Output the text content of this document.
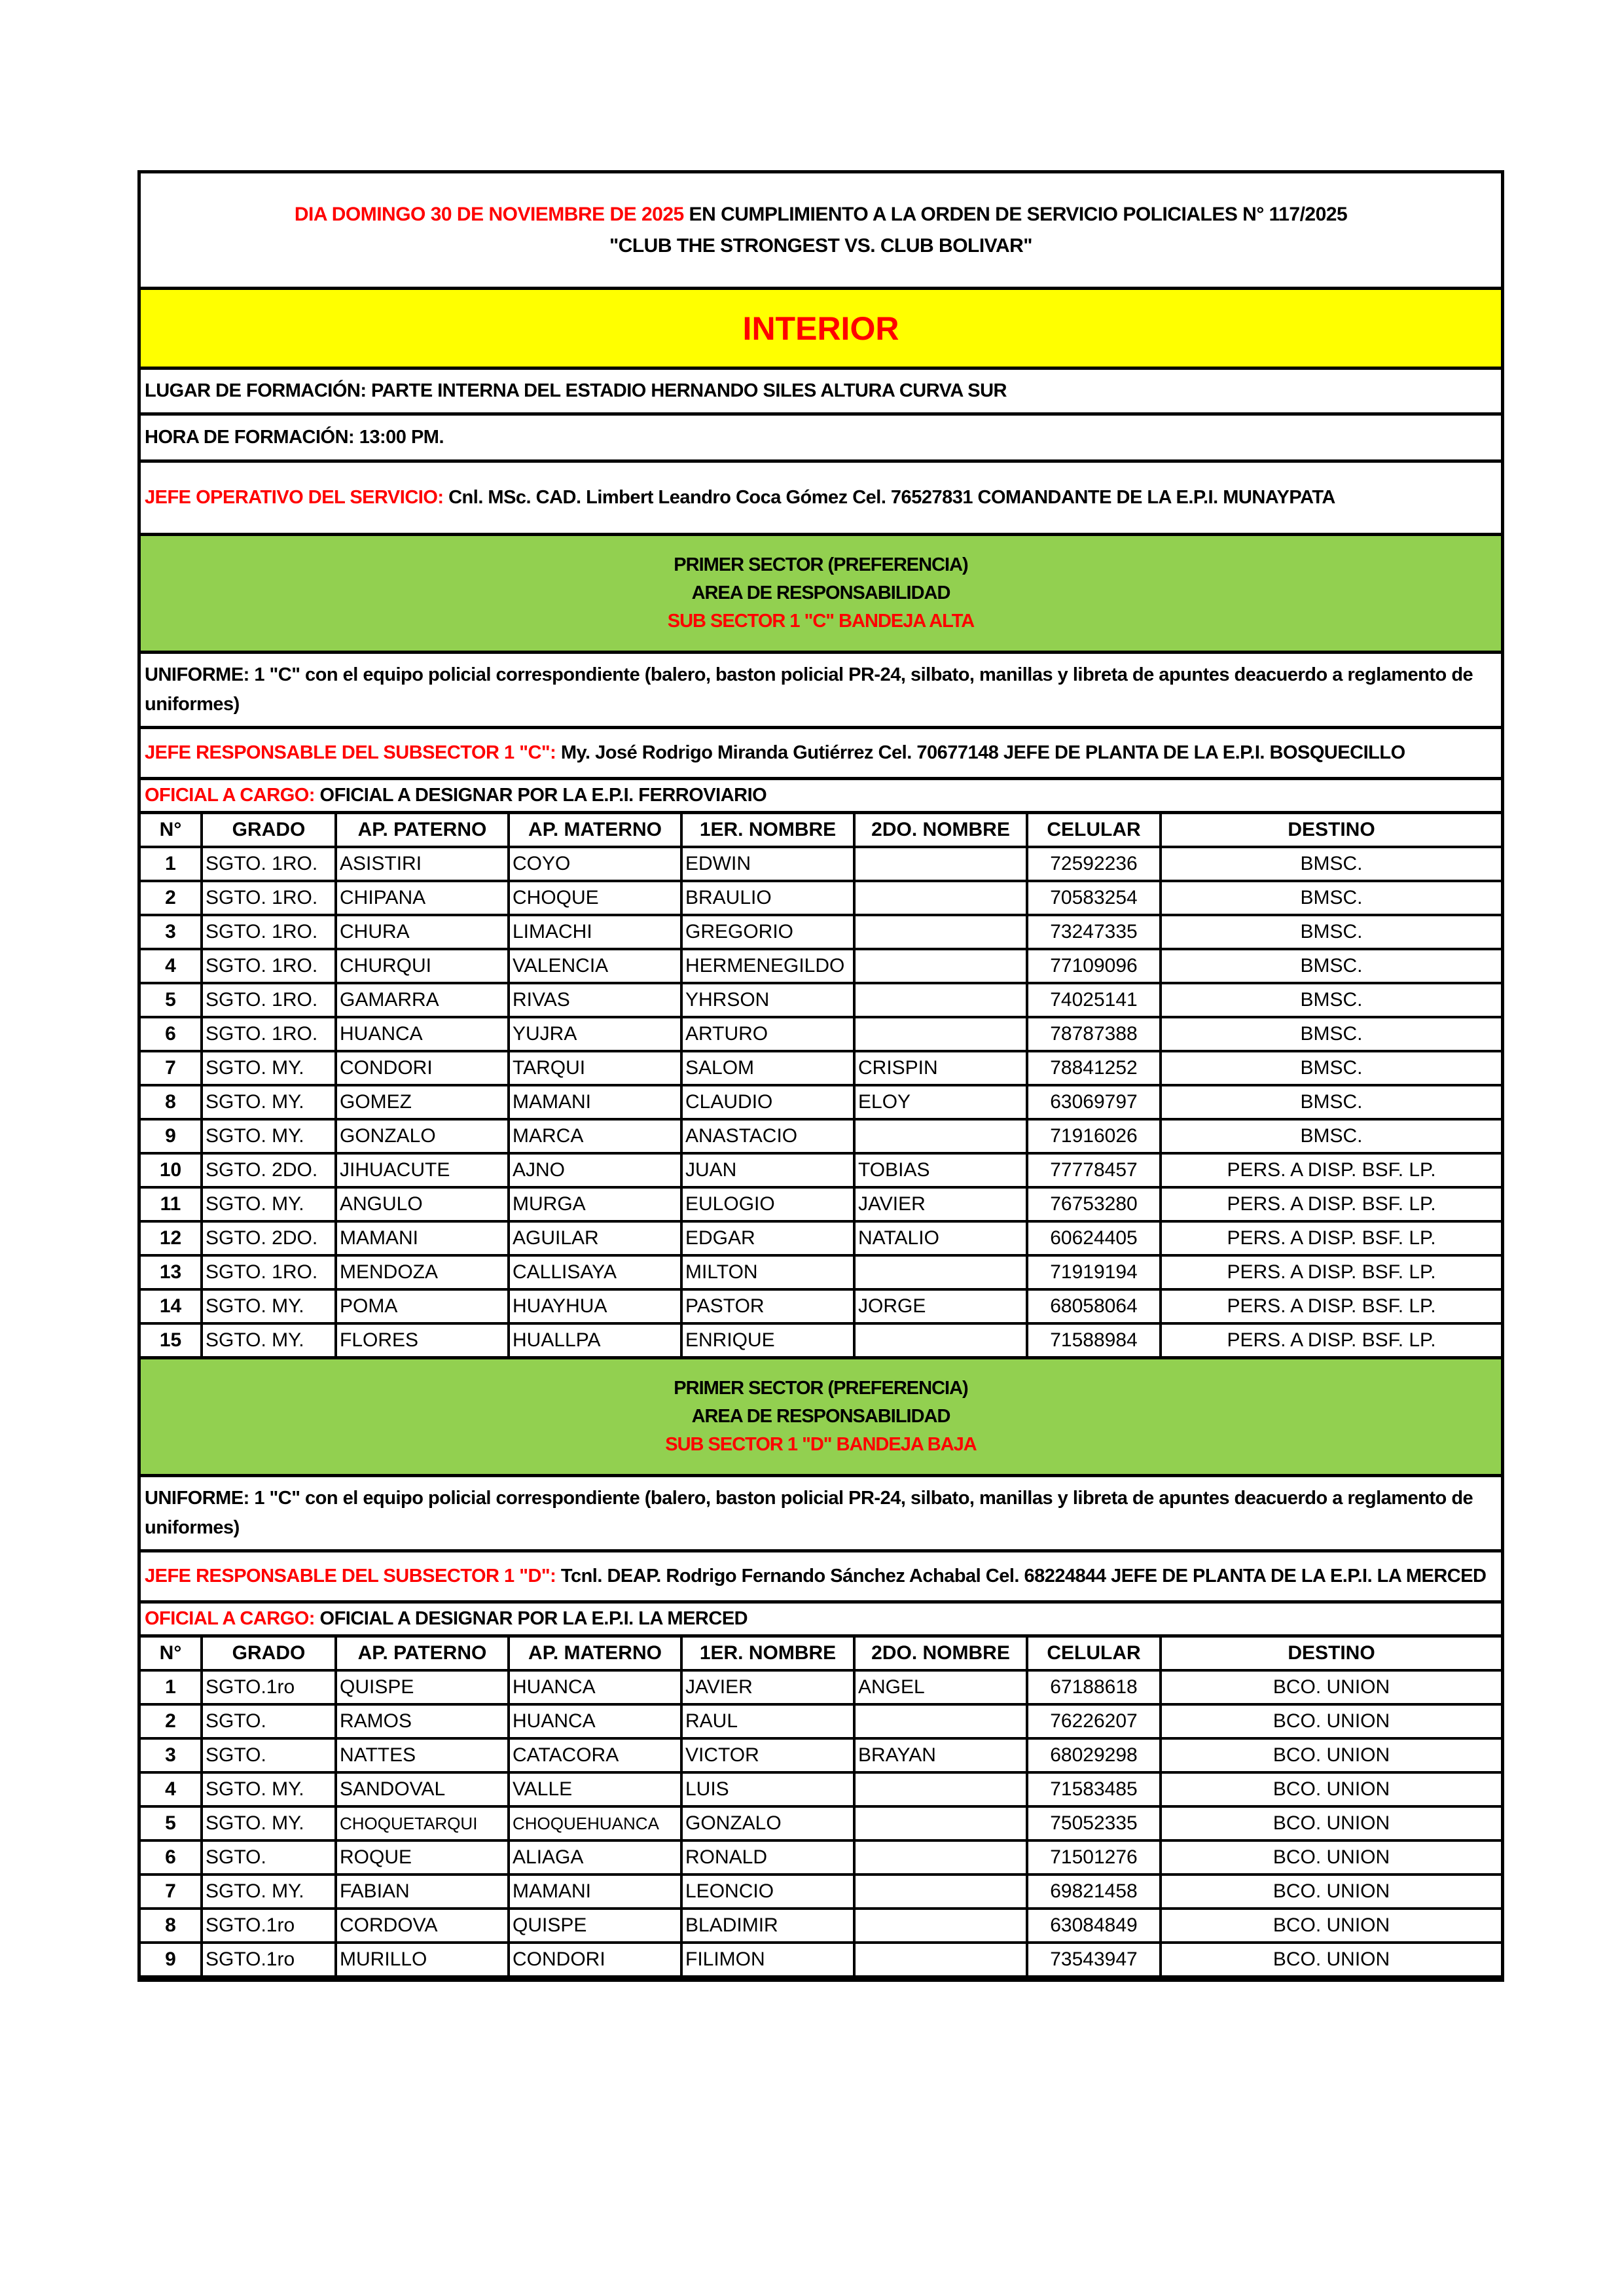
DIA DOMINGO 30 DE NOVIEMBRE DE 2025 EN CUMPLIMIENTO A LA ORDEN DE SERVICIO POLICIALES N° 117/2025
"CLUB THE STRONGEST VS. CLUB BOLIVAR"
INTERIOR
LUGAR DE FORMACIÓN: PARTE INTERNA DEL ESTADIO HERNANDO SILES ALTURA CURVA SUR
HORA DE FORMACIÓN: 13:00 PM.
JEFE OPERATIVO DEL SERVICIO: Cnl. MSc. CAD. Limbert Leandro Coca Gómez Cel. 76527831 COMANDANTE DE LA E.P.I. MUNAYPATA
PRIMER SECTOR (PREFERENCIA)
AREA DE RESPONSABILIDAD
SUB SECTOR 1 "C" BANDEJA ALTA
UNIFORME: 1 "C" con el equipo policial correspondiente (balero, baston policial PR-24, silbato, manillas y libreta de apuntes deacuerdo a reglamento de uniformes)
JEFE RESPONSABLE DEL SUBSECTOR 1 "C": My. José Rodrigo Miranda Gutiérrez Cel. 70677148 JEFE DE PLANTA DE LA E.P.I. BOSQUECILLO
OFICIAL A CARGO: OFICIAL A DESIGNAR POR LA E.P.I. FERROVIARIO
N°	GRADO	AP. PATERNO	AP. MATERNO	1ER. NOMBRE	2DO. NOMBRE	CELULAR	DESTINO
1	SGTO. 1RO.	ASISTIRI	COYO	EDWIN		72592236	BMSC.
2	SGTO. 1RO.	CHIPANA	CHOQUE	BRAULIO		70583254	BMSC.
3	SGTO. 1RO.	CHURA	LIMACHI	GREGORIO		73247335	BMSC.
4	SGTO. 1RO.	CHURQUI	VALENCIA	HERMENEGILDO		77109096	BMSC.
5	SGTO. 1RO.	GAMARRA	RIVAS	YHRSON		74025141	BMSC.
6	SGTO. 1RO.	HUANCA	YUJRA	ARTURO		78787388	BMSC.
7	SGTO. MY.	CONDORI	TARQUI	SALOM	CRISPIN	78841252	BMSC.
8	SGTO. MY.	GOMEZ	MAMANI	CLAUDIO	ELOY	63069797	BMSC.
9	SGTO. MY.	GONZALO	MARCA	ANASTACIO		71916026	BMSC.
10	SGTO. 2DO.	JIHUACUTE	AJNO	JUAN	TOBIAS	77778457	PERS. A DISP. BSF. LP.
11	SGTO. MY.	ANGULO	MURGA	EULOGIO	JAVIER	76753280	PERS. A DISP. BSF. LP.
12	SGTO. 2DO.	MAMANI	AGUILAR	EDGAR	NATALIO	60624405	PERS. A DISP. BSF. LP.
13	SGTO. 1RO.	MENDOZA	CALLISAYA	MILTON		71919194	PERS. A DISP. BSF. LP.
14	SGTO. MY.	POMA	HUAYHUA	PASTOR	JORGE	68058064	PERS. A DISP. BSF. LP.
15	SGTO. MY.	FLORES	HUALLPA	ENRIQUE		71588984	PERS. A DISP. BSF. LP.
PRIMER SECTOR (PREFERENCIA)
AREA DE RESPONSABILIDAD
SUB SECTOR 1 "D" BANDEJA BAJA
UNIFORME: 1 "C" con el equipo policial correspondiente (balero, baston policial PR-24, silbato, manillas y libreta de apuntes deacuerdo a reglamento de uniformes)
JEFE RESPONSABLE DEL SUBSECTOR 1 "D": Tcnl. DEAP. Rodrigo Fernando Sánchez Achabal Cel. 68224844 JEFE DE PLANTA DE LA E.P.I. LA MERCED
OFICIAL A CARGO: OFICIAL A DESIGNAR POR LA E.P.I. LA MERCED
N°	GRADO	AP. PATERNO	AP. MATERNO	1ER. NOMBRE	2DO. NOMBRE	CELULAR	DESTINO
1	SGTO.1ro	QUISPE	HUANCA	JAVIER	ANGEL	67188618	BCO. UNION
2	SGTO.	RAMOS	HUANCA	RAUL		76226207	BCO. UNION
3	SGTO.	NATTES	CATACORA	VICTOR	BRAYAN	68029298	BCO. UNION
4	SGTO. MY.	SANDOVAL	VALLE	LUIS		71583485	BCO. UNION
5	SGTO. MY.	CHOQUETARQUI	CHOQUEHUANCA	GONZALO		75052335	BCO. UNION
6	SGTO.	ROQUE	ALIAGA	RONALD		71501276	BCO. UNION
7	SGTO. MY.	FABIAN	MAMANI	LEONCIO		69821458	BCO. UNION
8	SGTO.1ro	CORDOVA	QUISPE	BLADIMIR		63084849	BCO. UNION
9	SGTO.1ro	MURILLO	CONDORI	FILIMON		73543947	BCO. UNION
